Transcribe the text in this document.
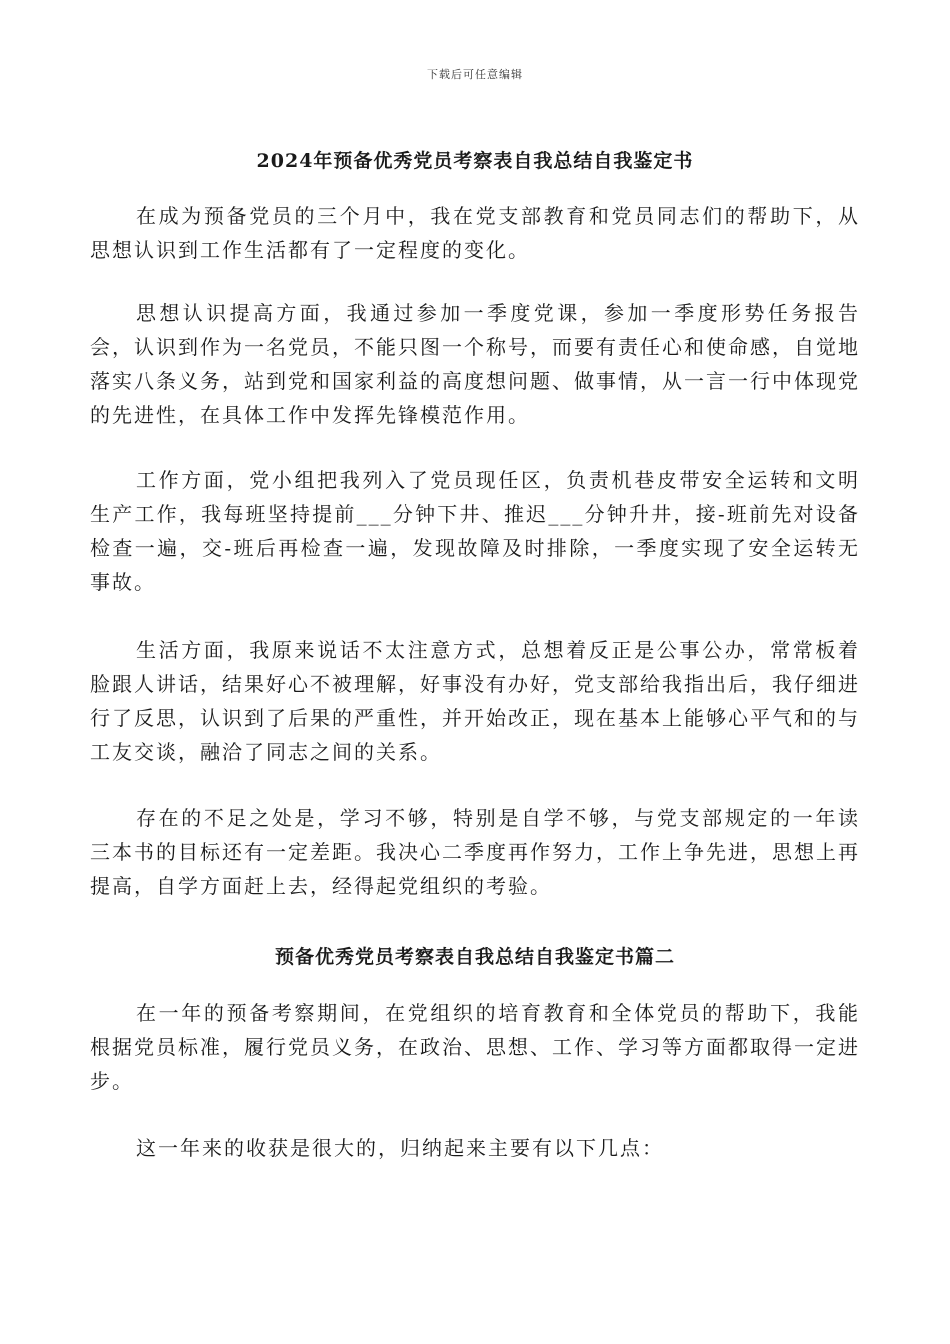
下载后可任意编辑
2024年预备优秀党员考察表自我总结自我鉴定书

在成为预备党员的三个月中，我在党支部教育和党员同志们的帮助下，从思想认识到工作生活都有了一定程度的变化。

思想认识提高方面，我通过参加一季度党课，参加一季度形势任务报告会，认识到作为一名党员，不能只图一个称号，而要有责任心和使命感，自觉地落实八条义务，站到党和国家利益的高度想问题、做事情，从一言一行中体现党的先进性，在具体工作中发挥先锋模范作用。

工作方面，党小组把我列入了党员现任区，负责机巷皮带安全运转和文明生产工作，我每班坚持提前___分钟下井、推迟___分钟升井，接-班前先对设备检查一遍，交-班后再检查一遍，发现故障及时排除，一季度实现了安全运转无事故。

生活方面，我原来说话不太注意方式，总想着反正是公事公办，常常板着脸跟人讲话，结果好心不被理解，好事没有办好，党支部给我指出后，我仔细进行了反思，认识到了后果的严重性，并开始改正，现在基本上能够心平气和的与工友交谈，融洽了同志之间的关系。

存在的不足之处是，学习不够，特别是自学不够，与党支部规定的一年读三本书的目标还有一定差距。我决心二季度再作努力，工作上争先进，思想上再提高，自学方面赶上去，经得起党组织的考验。

预备优秀党员考察表自我总结自我鉴定书篇二

在一年的预备考察期间，在党组织的培育教育和全体党员的帮助下，我能根据党员标准，履行党员义务，在政治、思想、工作、学习等方面都取得一定进步。

这一年来的收获是很大的，归纳起来主要有以下几点：
